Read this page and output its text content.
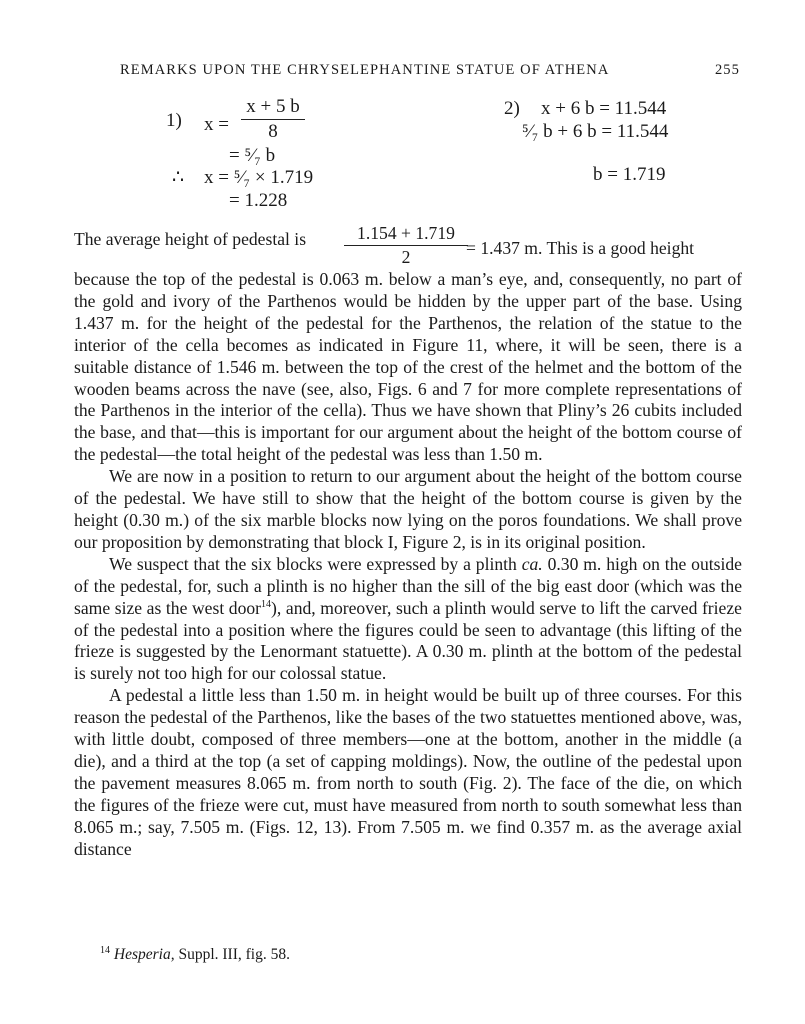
REMARKS UPON THE CHRYSELEPHANTINE STATUE OF ATHENA	255
1) x =
x + 5 b
8
= ⁵⁄₇ b
∴ x = ⁵⁄₇ × 1.719
= 1.228
2) x + 6 b = 11.544
⁵⁄₇ b + 6 b = 11.544
b = 1.719
The average height of pedestal is	1.154 + 1.719
2	= 1.437 m. This is a good height

because the top of the pedestal is 0.063 m. below a man’s eye, and, consequently, no part of the gold and ivory of the Parthenos would be hidden by the upper part of the base. Using 1.437 m. for the height of the pedestal for the Parthenos, the relation of the statue to the interior of the cella becomes as indicated in Figure 11, where, it will be seen, there is a suitable distance of 1.546 m. between the top of the crest of the helmet and the bottom of the wooden beams across the nave (see, also, Figs. 6 and 7 for more complete representations of the Parthenos in the interior of the cella). Thus we have shown that Pliny’s 26 cubits included the base, and that—this is important for our argument about the height of the bottom course of the pedestal—the total height of the pedestal was less than 1.50 m.

We are now in a position to return to our argument about the height of the bottom course of the pedestal. We have still to show that the height of the bottom course is given by the height (0.30 m.) of the six marble blocks now lying on the poros foundations. We shall prove our proposition by demonstrating that block I, Figure 2, is in its original position.

We suspect that the six blocks were expressed by a plinth ca. 0.30 m. high on the outside of the pedestal, for, such a plinth is no higher than the sill of the big east door (which was the same size as the west door$^{14}$), and, moreover, such a plinth would serve to lift the carved frieze of the pedestal into a position where the figures could be seen to advantage (this lifting of the frieze is suggested by the Lenormant statuette). A 0.30 m. plinth at the bottom of the pedestal is surely not too high for our colossal statue.

A pedestal a little less than 1.50 m. in height would be built up of three courses. For this reason the pedestal of the Parthenos, like the bases of the two statuettes mentioned above, was, with little doubt, composed of three members—one at the bottom, another in the middle (a die), and a third at the top (a set of capping moldings). Now, the outline of the pedestal upon the pavement measures 8.065 m. from north to south (Fig. 2). The face of the die, on which the figures of the frieze were cut, must have measured from north to south somewhat less than 8.065 m.; say, 7.505 m. (Figs. 12, 13). From 7.505 m. we find 0.357 m. as the average axial distance

$^{14}$ Hesperia, Suppl. III, fig. 58.
